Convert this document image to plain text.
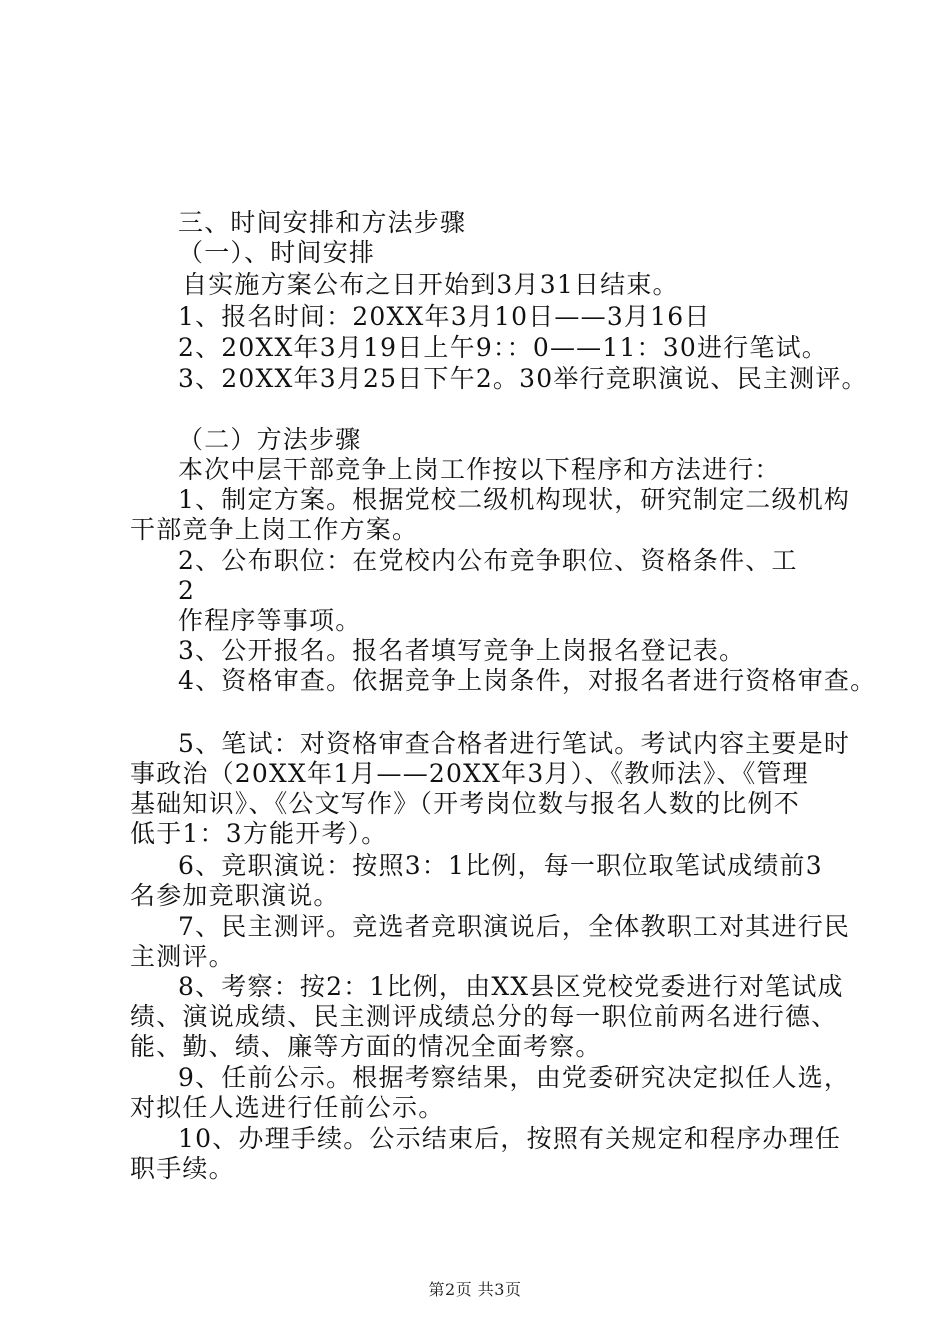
三、时间安排和方法步骤
（一）、时间安排
自实施方案公布之日开始到3月31日结束。
1、报名时间：20XX年3月10日——3月16日
2、20XX年3月19日上午9：：0——11：30进行笔试。
3、20XX年3月25日下午2。30举行竞职演说、民主测评。
（二）方法步骤
本次中层干部竞争上岗工作按以下程序和方法进行：
1、制定方案。根据党校二级机构现状，研究制定二级机构
干部竞争上岗工作方案。
2、公布职位：在党校内公布竞争职位、资格条件、工
2
作程序等事项。
3、公开报名。报名者填写竞争上岗报名登记表。
4、资格审查。依据竞争上岗条件，对报名者进行资格审查。
5、笔试：对资格审查合格者进行笔试。考试内容主要是时
事政治（20XX年1月——20XX年3月）、《教师法》、《管理
基础知识》、《公文写作》（开考岗位数与报名人数的比例不
低于1：3方能开考）。
6、竞职演说：按照3：1比例，每一职位取笔试成绩前3
名参加竞职演说。
7、民主测评。竞选者竞职演说后，全体教职工对其进行民
主测评。
8、考察：按2：1比例，由XX县区党校党委进行对笔试成
绩、演说成绩、民主测评成绩总分的每一职位前两名进行德、
能、勤、绩、廉等方面的情况全面考察。
9、任前公示。根据考察结果，由党委研究决定拟任人选，
对拟任人选进行任前公示。
10、办理手续。公示结束后，按照有关规定和程序办理任
职手续。
第2页 共3页
